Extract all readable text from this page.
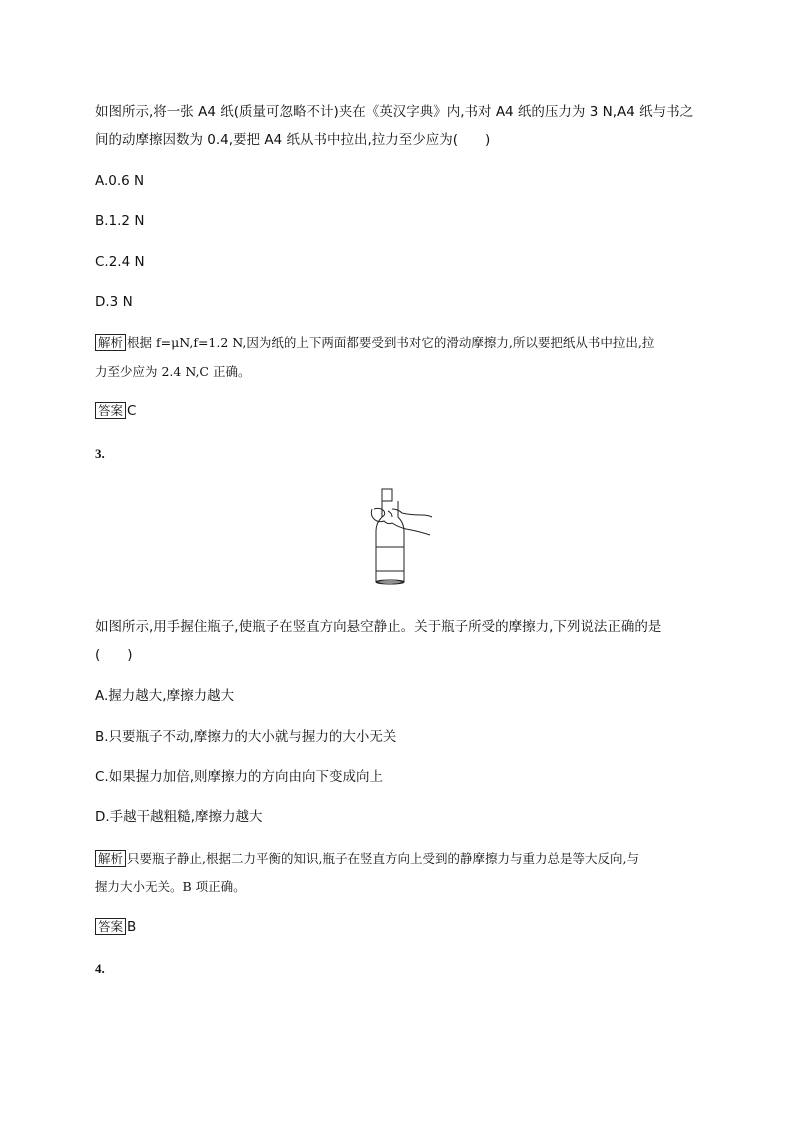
如图所示,将一张 A4 纸(质量可忽略不计)夹在《英汉字典》内,书对 A4 纸的压力为 3 N,A4 纸与书之
间的动摩擦因数为 0.4,要把 A4 纸从书中拉出,拉力至少应为(　　)
A.0.6 N
B.1.2 N
C.2.4 N
D.3 N
解析 根据 f=μN,f=1.2 N,因为纸的上下两面都要受到书对它的滑动摩擦力,所以要把纸从书中拉出,拉
力至少应为 2.4 N,C 正确。
答案 C
3.
如图所示,用手握住瓶子,使瓶子在竖直方向悬空静止。关于瓶子所受的摩擦力,下列说法正确的是
(　　)
A.握力越大,摩擦力越大
B.只要瓶子不动,摩擦力的大小就与握力的大小无关
C.如果握力加倍,则摩擦力的方向由向下变成向上
D.手越干越粗糙,摩擦力越大
解析 只要瓶子静止,根据二力平衡的知识,瓶子在竖直方向上受到的静摩擦力与重力总是等大反向,与
握力大小无关。B 项正确。
答案 B
4.
